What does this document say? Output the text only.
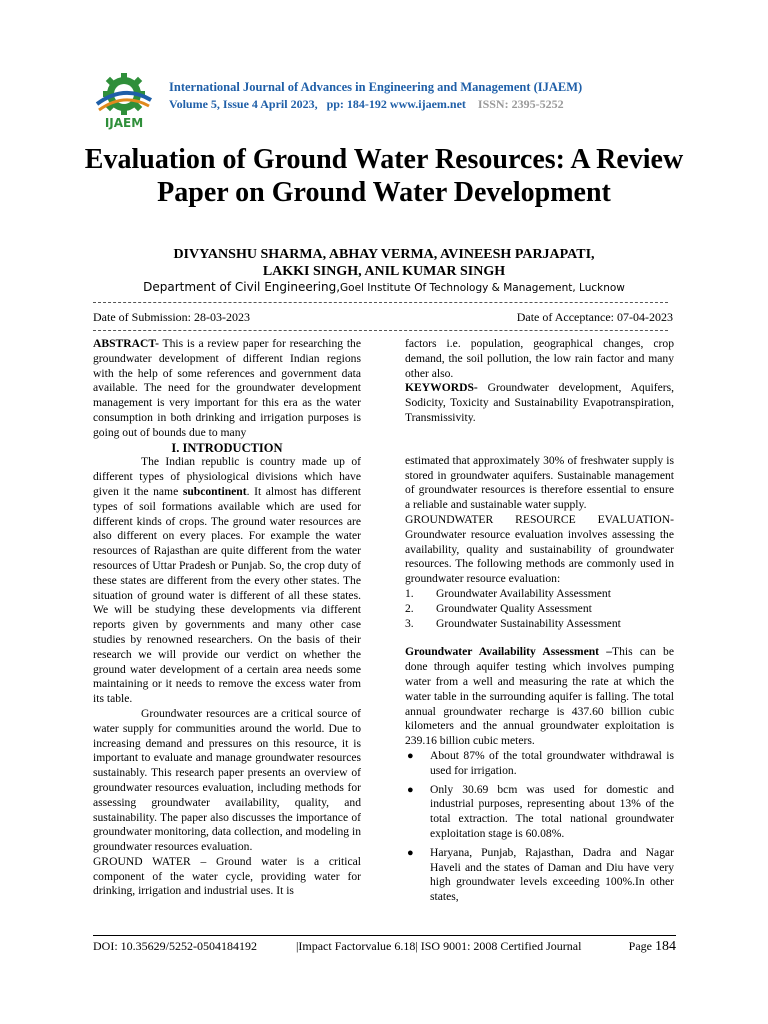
IJAEM
International Journal of Advances in Engineering and Management (IJAEM)
Volume 5, Issue 4 April 2023, pp: 184-192 www.ijaem.net ISSN: 2395-5252
Evaluation of Ground Water Resources: A Review Paper on Ground Water Development
DIVYANSHU SHARMA, ABHAY VERMA, AVINEESH PARJAPATI,
LAKKI SINGH, ANIL KUMAR SINGH
Department of Civil Engineering,Goel Institute Of Technology & Management, Lucknow
Date of Submission: 28-03-2023	Date of Acceptance: 07-04-2023

ABSTRACT- This is a review paper for researching the groundwater development of different Indian regions with the help of some references and government data available. The need for the groundwater development management is very important for this era as the water consumption in both drinking and irrigation purposes is going out of bounds due to many

I. INTRODUCTION

The Indian republic is country made up of different types of physiological divisions which have given it the name subcontinent. It almost has different types of soil formations available which are used for different kinds of crops. The ground water resources are also different on every places. For example the water resources of Rajasthan are quite different from the water resources of Uttar Pradesh or Punjab. So, the crop duty of these states are different from the every other states. The situation of ground water is different of all these states. We will be studying these developments via different reports given by governments and many other case studies by renowned researchers. On the basis of their research we will provide our verdict on whether the ground water development of a certain area needs some maintaining or it needs to remove the excess water from its table.

Groundwater resources are a critical source of water supply for communities around the world. Due to increasing demand and pressures on this resource, it is important to evaluate and manage groundwater resources sustainably. This research paper presents an overview of groundwater resources evaluation, including methods for assessing groundwater availability, quality, and sustainability. The paper also discusses the importance of groundwater monitoring, data collection, and modeling in groundwater resources evaluation.

GROUND WATER – Ground water is a critical component of the water cycle, providing water for drinking, irrigation and industrial uses. It is

factors i.e. population, geographical changes, crop demand, the soil pollution, the low rain factor and many other also.

KEYWORDS- Groundwater development, Aquifers, Sodicity, Toxicity and Sustainability Evapotranspiration, Transmissivity.

estimated that approximately 30% of freshwater supply is stored in groundwater aquifers. Sustainable management of groundwater resources is therefore essential to ensure a reliable and sustainable water supply.

GROUNDWATER RESOURCE EVALUATION- Groundwater resource evaluation involves assessing the availability, quality and sustainability of groundwater resources. The following methods are commonly used in groundwater resource evaluation:

1. Groundwater Availability Assessment
2. Groundwater Quality Assessment
3. Groundwater Sustainability Assessment

Groundwater Availability Assessment –This can be done through aquifer testing which involves pumping water from a well and measuring the rate at which the water table in the surrounding aquifer is falling. The total annual groundwater recharge is 437.60 billion cubic kilometers and the annual groundwater exploitation is 239.16 billion cubic meters.

● About 87% of the total groundwater withdrawal is used for irrigation.
● Only 30.69 bcm was used for domestic and industrial purposes, representing about 13% of the total extraction. The total national groundwater exploitation stage is 60.08%.
● Haryana, Punjab, Rajasthan, Dadra and Nagar Haveli and the states of Daman and Diu have very high groundwater levels exceeding 100%.In other states,
DOI: 10.35629/5252-0504184192	|Impact Factorvalue 6.18| ISO 9001: 2008 Certified Journal	Page 184
